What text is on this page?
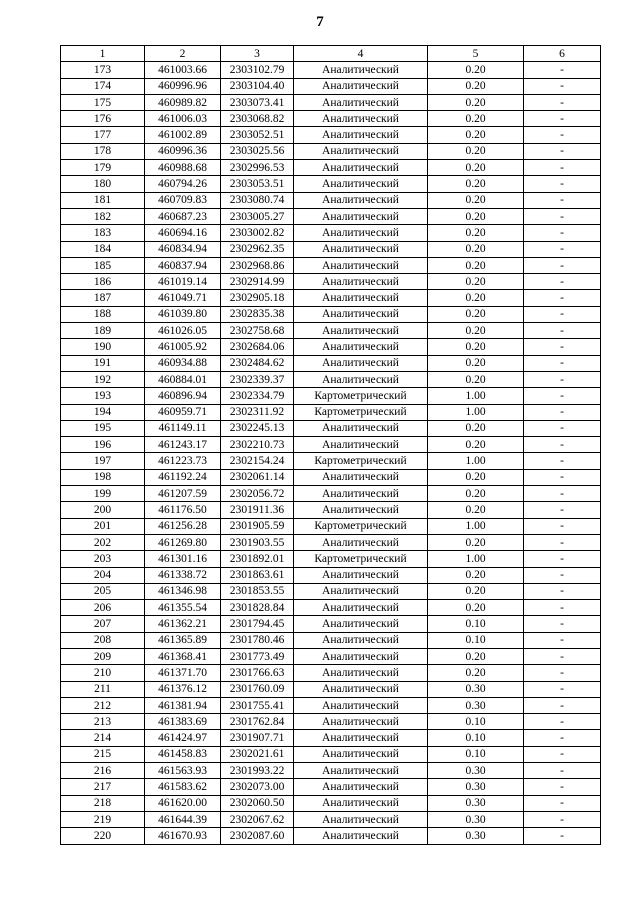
7
1	2	3	4	5	6
173	461003.66	2303102.79	Аналитический	0.20	-
174	460996.96	2303104.40	Аналитический	0.20	-
175	460989.82	2303073.41	Аналитический	0.20	-
176	461006.03	2303068.82	Аналитический	0.20	-
177	461002.89	2303052.51	Аналитический	0.20	-
178	460996.36	2303025.56	Аналитический	0.20	-
179	460988.68	2302996.53	Аналитический	0.20	-
180	460794.26	2303053.51	Аналитический	0.20	-
181	460709.83	2303080.74	Аналитический	0.20	-
182	460687.23	2303005.27	Аналитический	0.20	-
183	460694.16	2303002.82	Аналитический	0.20	-
184	460834.94	2302962.35	Аналитический	0.20	-
185	460837.94	2302968.86	Аналитический	0.20	-
186	461019.14	2302914.99	Аналитический	0.20	-
187	461049.71	2302905.18	Аналитический	0.20	-
188	461039.80	2302835.38	Аналитический	0.20	-
189	461026.05	2302758.68	Аналитический	0.20	-
190	461005.92	2302684.06	Аналитический	0.20	-
191	460934.88	2302484.62	Аналитический	0.20	-
192	460884.01	2302339.37	Аналитический	0.20	-
193	460896.94	2302334.79	Картометрический	1.00	-
194	460959.71	2302311.92	Картометрический	1.00	-
195	461149.11	2302245.13	Аналитический	0.20	-
196	461243.17	2302210.73	Аналитический	0.20	-
197	461223.73	2302154.24	Картометрический	1.00	-
198	461192.24	2302061.14	Аналитический	0.20	-
199	461207.59	2302056.72	Аналитический	0.20	-
200	461176.50	2301911.36	Аналитический	0.20	-
201	461256.28	2301905.59	Картометрический	1.00	-
202	461269.80	2301903.55	Аналитический	0.20	-
203	461301.16	2301892.01	Картометрический	1.00	-
204	461338.72	2301863.61	Аналитический	0.20	-
205	461346.98	2301853.55	Аналитический	0.20	-
206	461355.54	2301828.84	Аналитический	0.20	-
207	461362.21	2301794.45	Аналитический	0.10	-
208	461365.89	2301780.46	Аналитический	0.10	-
209	461368.41	2301773.49	Аналитический	0.20	-
210	461371.70	2301766.63	Аналитический	0.20	-
211	461376.12	2301760.09	Аналитический	0.30	-
212	461381.94	2301755.41	Аналитический	0.30	-
213	461383.69	2301762.84	Аналитический	0.10	-
214	461424.97	2301907.71	Аналитический	0.10	-
215	461458.83	2302021.61	Аналитический	0.10	-
216	461563.93	2301993.22	Аналитический	0.30	-
217	461583.62	2302073.00	Аналитический	0.30	-
218	461620.00	2302060.50	Аналитический	0.30	-
219	461644.39	2302067.62	Аналитический	0.30	-
220	461670.93	2302087.60	Аналитический	0.30	-
